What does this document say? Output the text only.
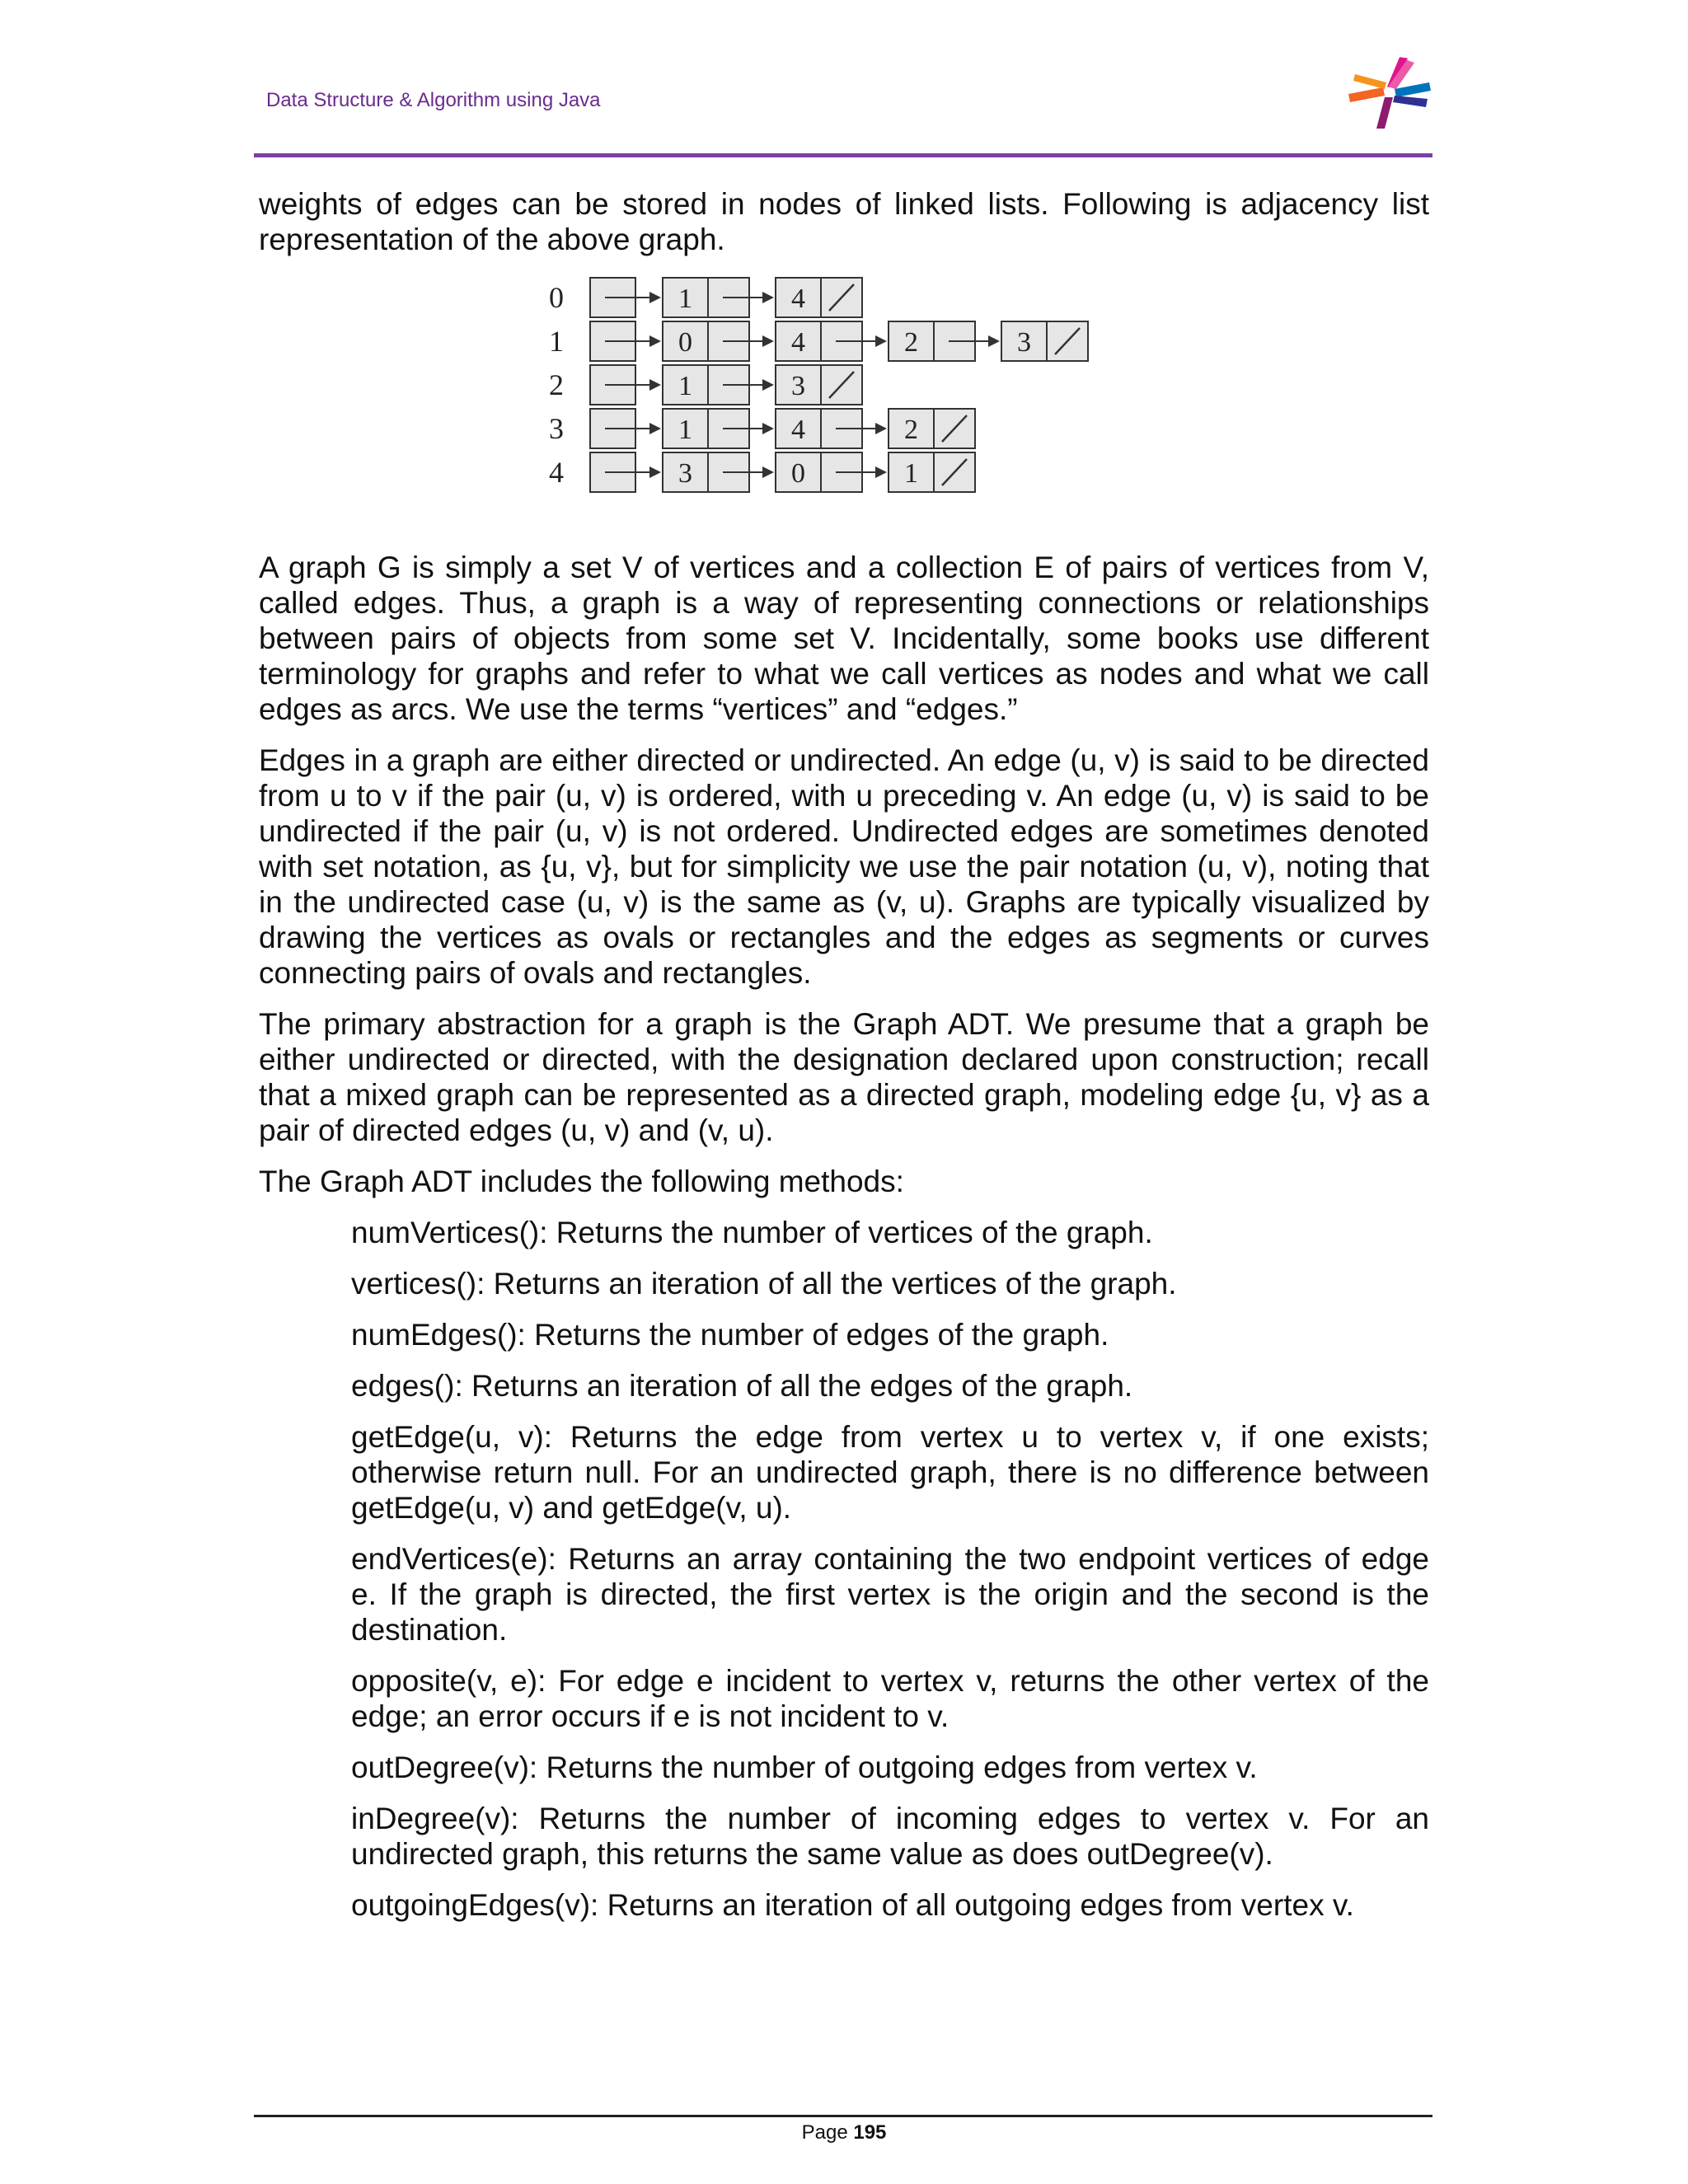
Data Structure & Algorithm using Java

weights of edges can be stored in nodes of linked lists. Following is adjacency list representation of the above graph.

0	1	4
1	0	4	2	3
2	1	3
3	1	4	2
4	3	0	1

A graph G is simply a set V of vertices and a collection E of pairs of vertices from V, called edges. Thus, a graph is a way of representing connections or relationships between pairs of objects from some set V. Incidentally, some books use different terminology for graphs and refer to what we call vertices as nodes and what we call edges as arcs. We use the terms “vertices” and “edges.”

Edges in a graph are either directed or undirected. An edge (u, v) is said to be directed from u to v if the pair (u, v) is ordered, with u preceding v. An edge (u, v) is said to be undirected if the pair (u, v) is not ordered. Undirected edges are sometimes denoted with set notation, as {u, v}, but for simplicity we use the pair notation (u, v), noting that in the undirected case (u, v) is the same as (v, u). Graphs are typically visualized by drawing the vertices as ovals or rectangles and the edges as segments or curves connecting pairs of ovals and rectangles.

The primary abstraction for a graph is the Graph ADT. We presume that a graph be either undirected or directed, with the designation declared upon construction; recall that a mixed graph can be represented as a directed graph, modeling edge {u, v} as a pair of directed edges (u, v) and (v, u).

The Graph ADT includes the following methods:

numVertices(): Returns the number of vertices of the graph.

vertices(): Returns an iteration of all the vertices of the graph.

numEdges(): Returns the number of edges of the graph.

edges(): Returns an iteration of all the edges of the graph.

getEdge(u, v): Returns the edge from vertex u to vertex v, if one exists; otherwise return null. For an undirected graph, there is no difference between getEdge(u, v) and getEdge(v, u).

endVertices(e): Returns an array containing the two endpoint vertices of edge e. If the graph is directed, the first vertex is the origin and the second is the destination.

opposite(v, e): For edge e incident to vertex v, returns the other vertex of the edge; an error occurs if e is not incident to v.

outDegree(v): Returns the number of outgoing edges from vertex v.

inDegree(v): Returns the number of incoming edges to vertex v. For an undirected graph, this returns the same value as does outDegree(v).

outgoingEdges(v): Returns an iteration of all outgoing edges from vertex v.

Page 195
